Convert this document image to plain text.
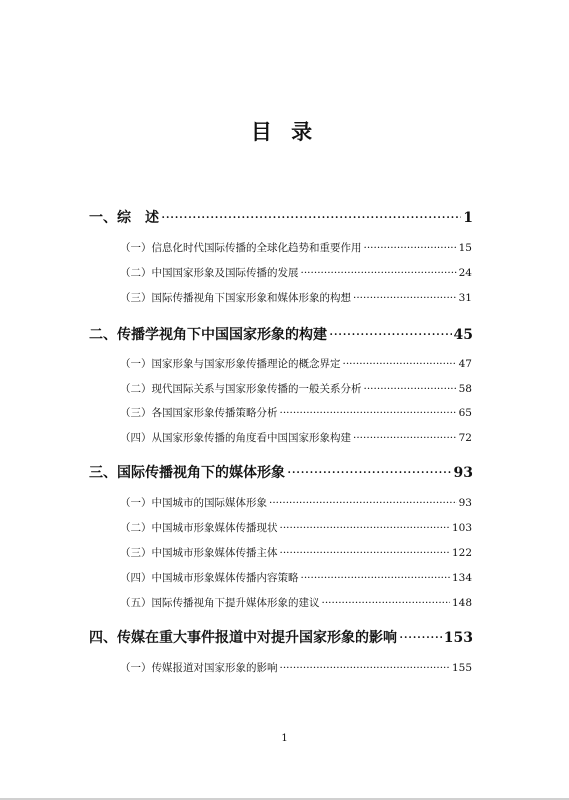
目 录
一、综　述 ·····	1
（一）信息化时代国际传播的全球化趋势和重要作用 ·····	15
（二）中国国家形象及国际传播的发展 ·····	24
（三）国际传播视角下国家形象和媒体形象的构想 ·····	31
二、传播学视角下中国国家形象的构建 ·····	45
（一）国家形象与国家形象传播理论的概念界定 ·····	47
（二）现代国际关系与国家形象传播的一般关系分析 ·····	58
（三）各国国家形象传播策略分析 ·····	65
（四）从国家形象传播的角度看中国国家形象构建 ·····	72
三、国际传播视角下的媒体形象 ·····	93
（一）中国城市的国际媒体形象 ·····	93
（二）中国城市形象媒体传播现状 ·····	103
（三）中国城市形象媒体传播主体 ·····	122
（四）中国城市形象媒体传播内容策略 ·····	134
（五）国际传播视角下提升媒体形象的建议 ·····	148
四、传媒在重大事件报道中对提升国家形象的影响 ·····	153
（一）传媒报道对国家形象的影响 ·····	155
1
